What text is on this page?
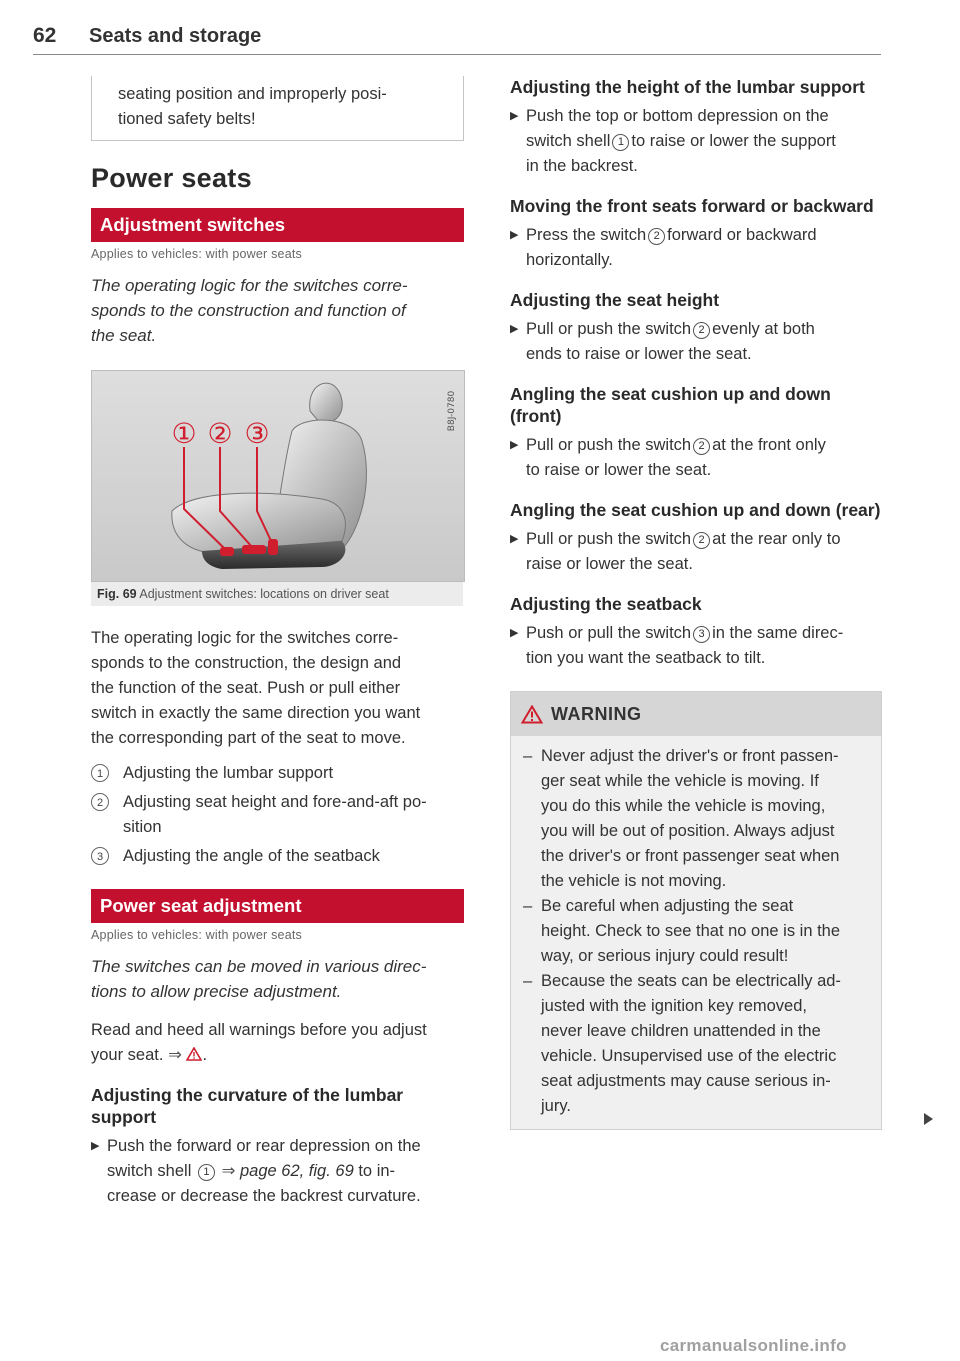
62 Seats and storage
seating position and improperly posi-
tioned safety belts!
Power seats
Adjustment switches
Applies to vehicles: with power seats
The operating logic for the switches corre-
sponds to the construction and function of
the seat.
① ② ③
B8J-0780
Fig. 69 Adjustment switches: locations on driver seat
The operating logic for the switches corre-
sponds to the construction, the design and
the function of the seat. Push or pull either
switch in exactly the same direction you want
the corresponding part of the seat to move.
1	Adjusting the lumbar support
2	Adjusting seat height and fore-and-aft po-
sition
3	Adjusting the angle of the seatback
Power seat adjustment
Applies to vehicles: with power seats
The switches can be moved in various direc-
tions to allow precise adjustment.
Read and heed all warnings before you adjust
your seat. ⇒ .
Adjusting the curvature of the lumbar support
▶ Push the forward or rear depression on the
switch shell 1 ⇒ page 62, fig. 69 to in-
crease or decrease the backrest curvature.
Adjusting the height of the lumbar support
▶ Push the top or bottom depression on the
switch shell 1 to raise or lower the support
in the backrest.
Moving the front seats forward or backward
▶ Press the switch 2 forward or backward
horizontally.
Adjusting the seat height
▶ Pull or push the switch 2 evenly at both
ends to raise or lower the seat.
Angling the seat cushion up and down (front)
▶ Pull or push the switch 2 at the front only
to raise or lower the seat.
Angling the seat cushion up and down (rear)
▶ Pull or push the switch 2 at the rear only to
raise or lower the seat.
Adjusting the seatback
▶ Push or pull the switch 3 in the same direc-
tion you want the seatback to tilt.
WARNING
– Never adjust the driver's or front passen-
ger seat while the vehicle is moving. If
you do this while the vehicle is moving,
you will be out of position. Always adjust
the driver's or front passenger seat when
the vehicle is not moving.
– Be careful when adjusting the seat
height. Check to see that no one is in the
way, or serious injury could result!
– Because the seats can be electrically ad-
justed with the ignition key removed,
never leave children unattended in the
vehicle. Unsupervised use of the electric
seat adjustments may cause serious in-
jury.
carmanualsonline.info
